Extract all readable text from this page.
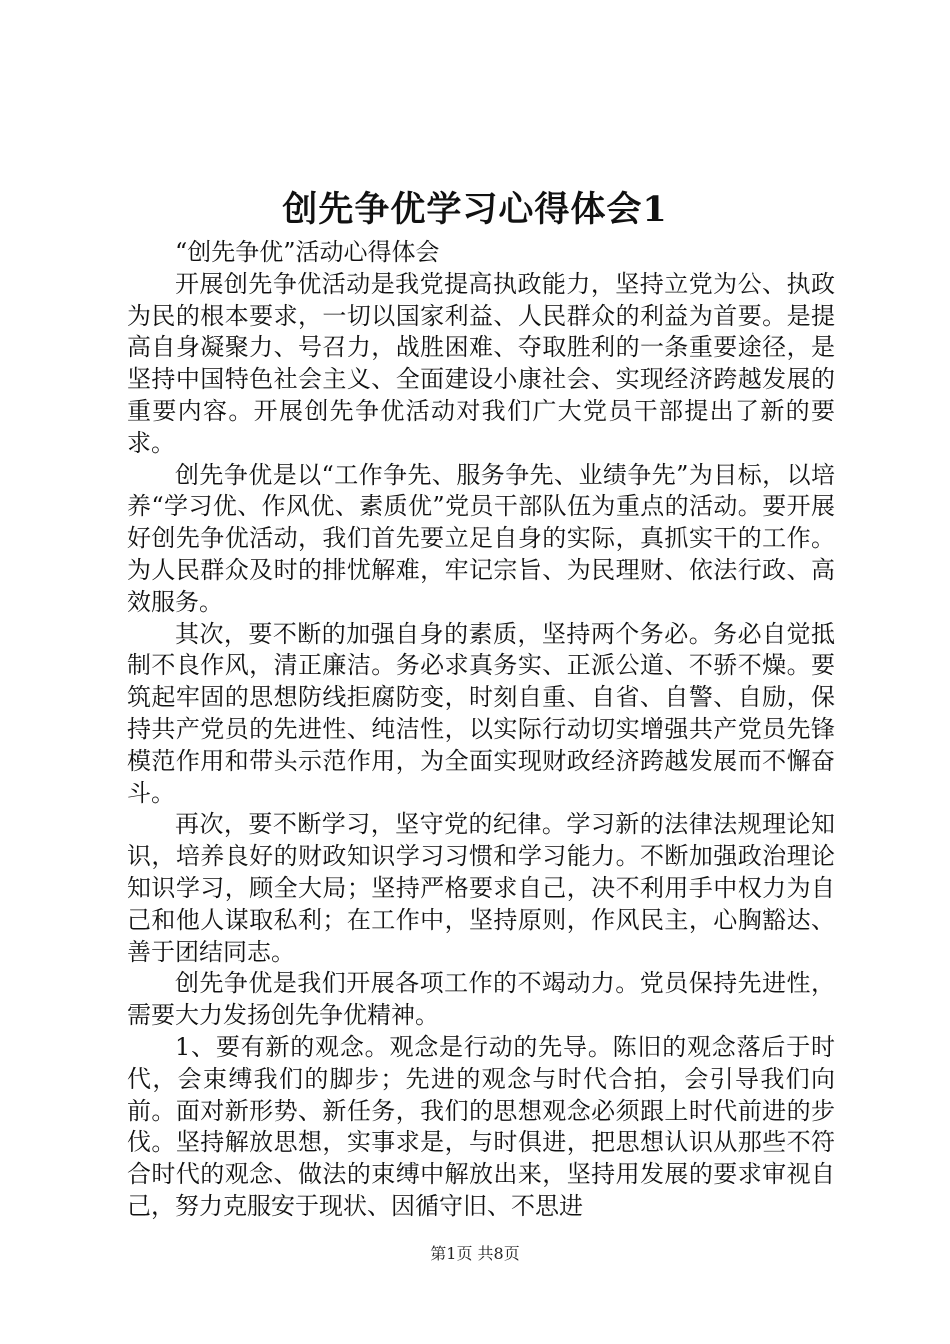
创先争优学习心得体会1

“创先争优”活动心得体会

开展创先争优活动是我党提高执政能力，坚持立党为公、执政为民的根本要求，一切以国家利益、人民群众的利益为首要。是提高自身凝聚力、号召力，战胜困难、夺取胜利的一条重要途径，是坚持中国特色社会主义、全面建设小康社会、实现经济跨越发展的重要内容。开展创先争优活动对我们广大党员干部提出了新的要求。

创先争优是以“工作争先、服务争先、业绩争先”为目标，以培养“学习优、作风优、素质优”党员干部队伍为重点的活动。要开展好创先争优活动，我们首先要立足自身的实际，真抓实干的工作。为人民群众及时的排忧解难，牢记宗旨、为民理财、依法行政、高效服务。

其次，要不断的加强自身的素质，坚持两个务必。务必自觉抵制不良作风，清正廉洁。务必求真务实、正派公道、不骄不燥。要筑起牢固的思想防线拒腐防变，时刻自重、自省、自警、自励，保持共产党员的先进性、纯洁性，以实际行动切实增强共产党员先锋模范作用和带头示范作用，为全面实现财政经济跨越发展而不懈奋斗。

再次，要不断学习，坚守党的纪律。学习新的法律法规理论知识，培养良好的财政知识学习习惯和学习能力。不断加强政治理论知识学习，顾全大局；坚持严格要求自己，决不利用手中权力为自己和他人谋取私利；在工作中，坚持原则，作风民主，心胸豁达、善于团结同志。

创先争优是我们开展各项工作的不竭动力。党员保持先进性，需要大力发扬创先争优精神。

1、要有新的观念。观念是行动的先导。陈旧的观念落后于时代，会束缚我们的脚步；先进的观念与时代合拍，会引导我们向前。面对新形势、新任务，我们的思想观念必须跟上时代前进的步伐。坚持解放思想，实事求是，与时俱进，把思想认识从那些不符合时代的观念、做法的束缚中解放出来，坚持用发展的要求审视自己，努力克服安于现状、因循守旧、不思进

第1页 共8页
